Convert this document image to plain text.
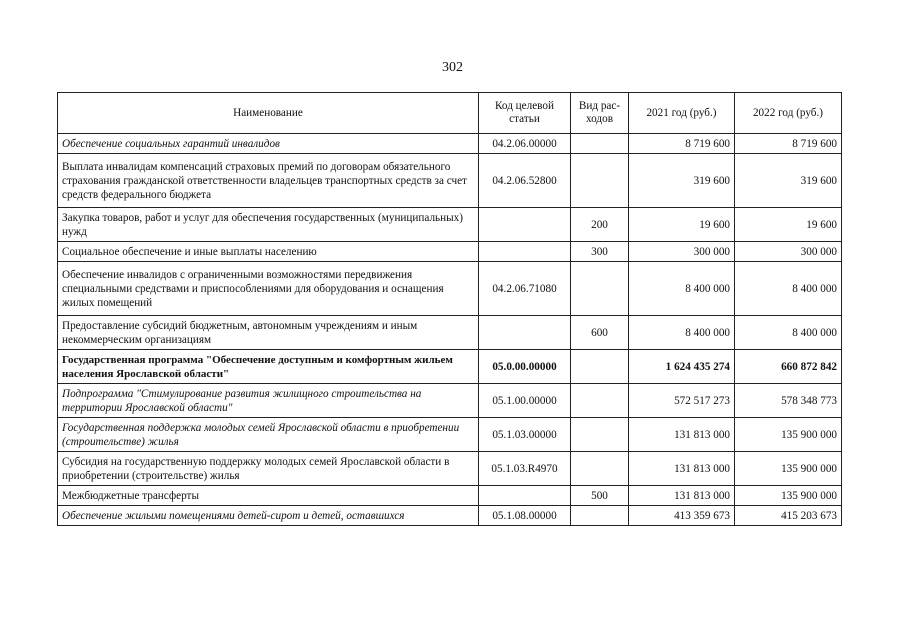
302
Наименование	Код целевой статьи	Вид рас-ходов	2021 год (руб.)	2022 год (руб.)
Обеспечение социальных гарантий инвалидов	04.2.06.00000		8 719 600	8 719 600
Выплата инвалидам компенсаций страховых премий по договорам обязательного страхования гражданской ответственности владельцев транспортных средств за счет средств федерального бюджета	04.2.06.52800		319 600	319 600
Закупка товаров, работ и услуг для обеспечения государственных (муниципальных) нужд		200	19 600	19 600
Социальное обеспечение и иные выплаты населению		300	300 000	300 000
Обеспечение инвалидов с ограниченными возможностями передвижения специальными средствами и приспособлениями для оборудования и оснащения жилых помещений	04.2.06.71080		8 400 000	8 400 000
Предоставление субсидий бюджетным, автономным учреждениям и иным некоммерческим организациям		600	8 400 000	8 400 000
Государственная программа "Обеспечение доступным и комфортным жильем населения Ярославской области"	05.0.00.00000		1 624 435 274	660 872 842
Подпрограмма "Стимулирование развития жилищного строительства на территории Ярославской области"	05.1.00.00000		572 517 273	578 348 773
Государственная поддержка молодых семей Ярославской области в приобретении (строительстве) жилья	05.1.03.00000		131 813 000	135 900 000
Субсидия на государственную поддержку молодых семей Ярославской области в приобретении (строительстве) жилья	05.1.03.R4970		131 813 000	135 900 000
Межбюджетные трансферты		500	131 813 000	135 900 000
Обеспечение жилыми помещениями детей-сирот и детей, оставшихся	05.1.08.00000		413 359 673	415 203 673
